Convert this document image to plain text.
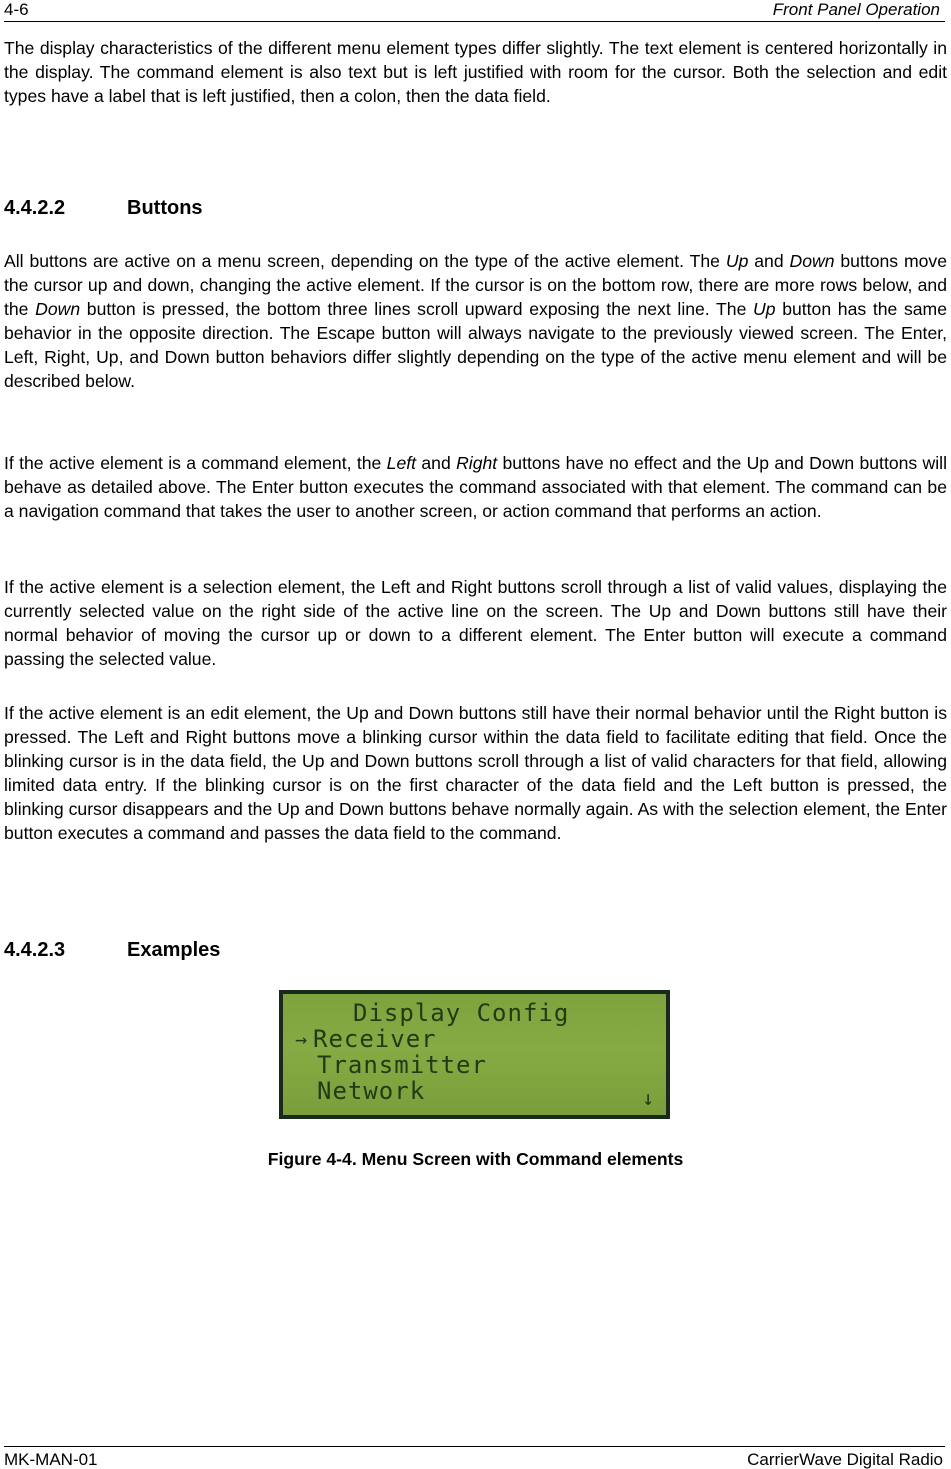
4-6	Front Panel Operation

The display characteristics of the different menu element types differ slightly. The text element is centered horizontally in the display. The command element is also text but is left justified with room for the cursor. Both the selection and edit types have a label that is left justified, then a colon, then the data field.

4.4.2.2	Buttons

All buttons are active on a menu screen, depending on the type of the active element. The Up and Down buttons move the cursor up and down, changing the active element. If the cursor is on the bottom row, there are more rows below, and the Down button is pressed, the bottom three lines scroll upward exposing the next line. The Up button has the same behavior in the opposite direction. The Escape button will always navigate to the previously viewed screen. The Enter, Left, Right, Up, and Down button behaviors differ slightly depending on the type of the active menu element and will be described below.

If the active element is a command element, the Left and Right buttons have no effect and the Up and Down buttons will behave as detailed above. The Enter button executes the command associated with that element. The command can be a navigation command that takes the user to another screen, or action command that performs an action.

If the active element is a selection element, the Left and Right buttons scroll through a list of valid values, displaying the currently selected value on the right side of the active line on the screen. The Up and Down buttons still have their normal behavior of moving the cursor up or down to a different element. The Enter button will execute a command passing the selected value.

If the active element is an edit element, the Up and Down buttons still have their normal behavior until the Right button is pressed. The Left and Right buttons move a blinking cursor within the data field to facilitate editing that field. Once the blinking cursor is in the data field, the Up and Down buttons scroll through a list of valid characters for that field, allowing limited data entry. If the blinking cursor is on the first character of the data field and the Left button is pressed, the blinking cursor disappears and the Up and Down buttons behave normally again. As with the selection element, the Enter button executes a command and passes the data field to the command.

4.4.2.3	Examples
Display Config
→ Receiver
Transmitter
Network	↓
Figure 4-4. Menu Screen with Command elements
MK-MAN-01	CarrierWave Digital Radio
